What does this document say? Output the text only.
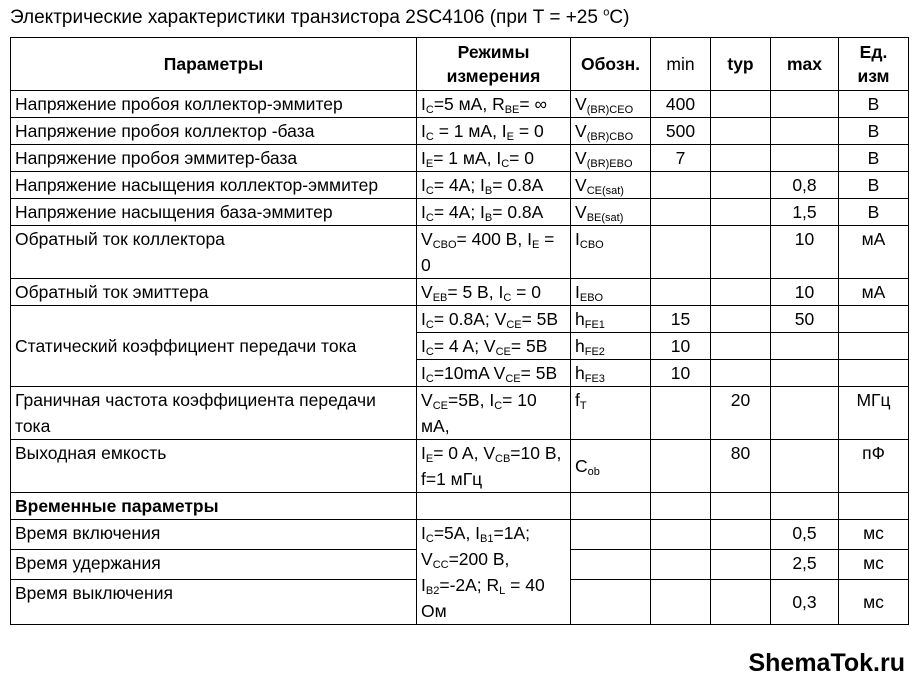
Электрические характеристики транзистора 2SC4106 (при T = +25 $^o$C)
Параметры	Режимы измерения	Обозн.	min	typ	max	Ед. изм
Напряжение пробоя коллектор-эммитер	$I_C=5$ мА, $R_{BE}=$ ∞	$V_{(BR)CEO}$	400			В
Напряжение пробоя коллектор -база	$I_C = 1$ мА, $I_E = 0$	$V_{(BR)CBO}$	500			В
Напряжение пробоя эммитер-база	$I_E= 1$ мА, $I_C= 0$	$V_{(BR)EBO}$	7			В
Напряжение насыщения коллектор-эммитер	$I_C= 4A$; $I_B= 0.8A$	$V_{CE(sat)}$			0,8	В
Напряжение насыщения база-эммитер	$I_C= 4A$; $I_B= 0.8A$	$V_{BE(sat)}$			1,5	В
Обратный ток коллектора	$V_{CBO}= 400$ В, $I_E = 0$	$I_{CBO}$			10	мА
Обратный ток эмиттера	$V_{EB}= 5$ В, $I_C = 0$	$I_{EBO}$			10	мА
Статический коэффициент передачи тока	$I_C= 0.8A$; $V_{CE}= 5В$	$h_{FE1}$	15		50	
	$I_C= 4$ A; $V_{CE}= 5В$	$h_{FE2}$	10			
	$I_C=10mA$ $V_{CE}= 5В$	$h_{FE3}$	10			
Граничная частота коэффициента передачи тока	$V_{CE}=5В$, $I_C= 10$ мА,	$f_T$		20		МГц
Выходная емкость	$I_E= 0$ A, $V_{CB}=10$ В, f=1 мГц	$C_{ob}$		80		пФ
Временные параметры						
Время включения	$I_C=5A$, $I_{B1}=1A$; $V_{CC}=200$ В, $I_{B2}=-2A$; $R_L = 40$ Ом				0,5	мс
Время удержания					2,5	мс
Время выключения					0,3	мс
ShemaTok.ru
